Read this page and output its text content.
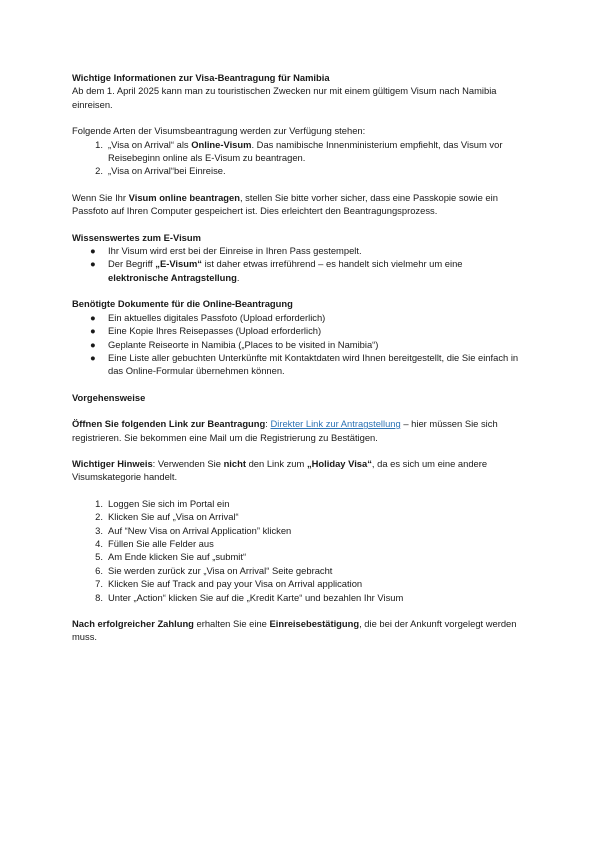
Wichtige Informationen zur Visa-Beantragung für Namibia

Ab dem 1. April 2025 kann man zu touristischen Zwecken nur mit einem gültigem Visum nach Namibia einreisen.

Folgende Arten der Visumsbeantragung werden zur Verfügung stehen:

1. „Visa on Arrival“ als Online-Visum. Das namibische Innenministerium empfiehlt, das Visum vor Reisebeginn online als E-Visum zu beantragen.
2. „Visa on Arrival“bei Einreise.

Wenn Sie Ihr Visum online beantragen, stellen Sie bitte vorher sicher, dass eine Passkopie sowie ein Passfoto auf Ihren Computer gespeichert ist. Dies erleichtert den Beantragungsprozess.

Wissenswertes zum E-Visum

● Ihr Visum wird erst bei der Einreise in Ihren Pass gestempelt.
● Der Begriff „E-Visum“ ist daher etwas irreführend – es handelt sich vielmehr um eine elektronische Antragstellung.

Benötigte Dokumente für die Online-Beantragung

● Ein aktuelles digitales Passfoto (Upload erforderlich)
● Eine Kopie Ihres Reisepasses (Upload erforderlich)
● Geplante Reiseorte in Namibia („Places to be visited in Namibia“)
● Eine Liste aller gebuchten Unterkünfte mit Kontaktdaten wird Ihnen bereitgestellt, die Sie einfach in das Online-Formular übernehmen können.

Vorgehensweise

Öffnen Sie folgenden Link zur Beantragung: Direkter Link zur Antragstellung – hier müssen Sie sich registrieren. Sie bekommen eine Mail um die Registrierung zu Bestätigen.

Wichtiger Hinweis: Verwenden Sie nicht den Link zum „Holiday Visa“, da es sich um eine andere Visumskategorie handelt.

1. Loggen Sie sich im Portal ein
2. Klicken Sie auf „Visa on Arrival“
3. Auf “New Visa on Arrival Application” klicken
4. Füllen Sie alle Felder aus
5. Am Ende klicken Sie auf „submit“
6. Sie werden zurück zur „Visa on Arrival“ Seite gebracht
7. Klicken Sie auf Track and pay your Visa on Arrival application
8. Unter „Action“ klicken Sie auf die „Kredit Karte“ und bezahlen Ihr Visum

Nach erfolgreicher Zahlung erhalten Sie eine Einreisebestätigung, die bei der Ankunft vorgelegt werden muss.
